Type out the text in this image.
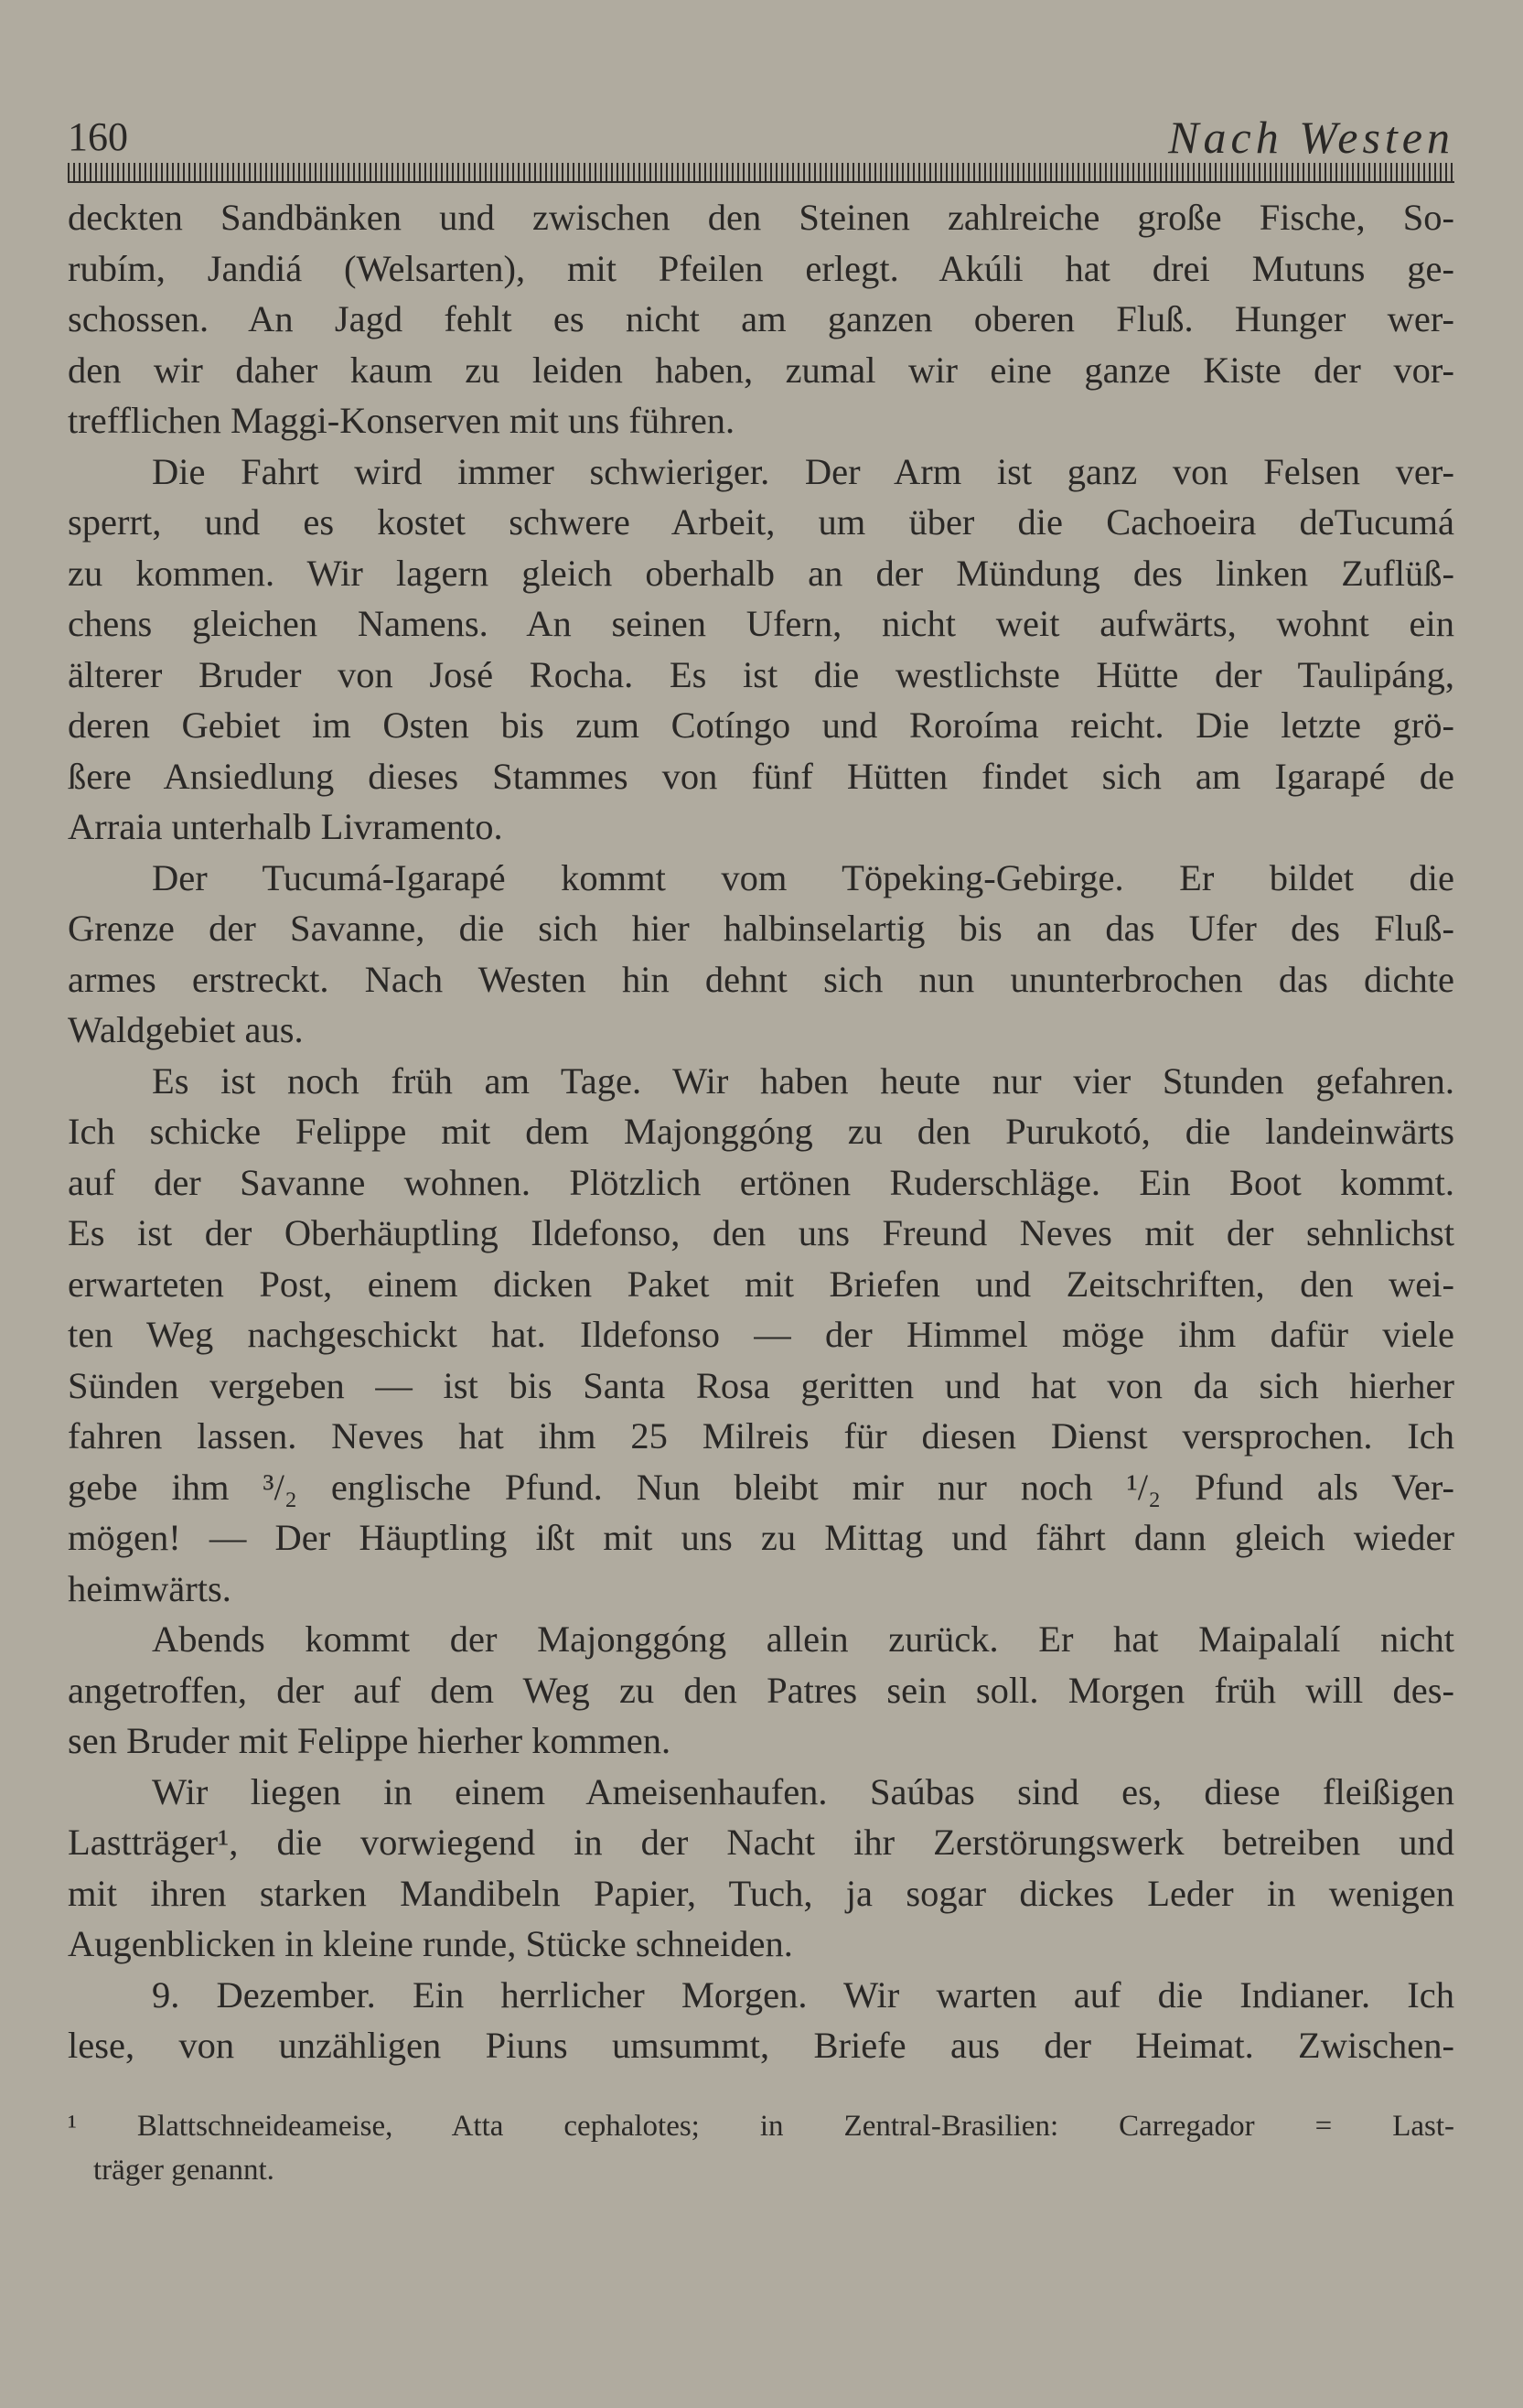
160	Nach Westen
deckten Sandbänken und zwischen den Steinen zahlreiche große Fische, So-
rubím, Jandiá (Welsarten), mit Pfeilen erlegt. Akúli hat drei Mutuns ge-
schossen. An Jagd fehlt es nicht am ganzen oberen Fluß. Hunger wer-
den wir daher kaum zu leiden haben, zumal wir eine ganze Kiste der vor-
trefflichen Maggi-Konserven mit uns führen.
Die Fahrt wird immer schwieriger. Der Arm ist ganz von Felsen ver-
sperrt, und es kostet schwere Arbeit, um über die Cachoeira deTucumá
zu kommen. Wir lagern gleich oberhalb an der Mündung des linken Zuflüß-
chens gleichen Namens. An seinen Ufern, nicht weit aufwärts, wohnt ein
älterer Bruder von José Rocha. Es ist die westlichste Hütte der Taulipáng,
deren Gebiet im Osten bis zum Cotíngo und Roroíma reicht. Die letzte grö-
ßere Ansiedlung dieses Stammes von fünf Hütten findet sich am Igarapé de
Arraia unterhalb Livramento.
Der Tucumá-Igarapé kommt vom Töpeking-Gebirge. Er bildet die
Grenze der Savanne, die sich hier halbinselartig bis an das Ufer des Fluß-
armes erstreckt. Nach Westen hin dehnt sich nun ununterbrochen das dichte
Waldgebiet aus.
Es ist noch früh am Tage. Wir haben heute nur vier Stunden gefahren.
Ich schicke Felippe mit dem Majonggóng zu den Purukotó, die landeinwärts
auf der Savanne wohnen. Plötzlich ertönen Ruderschläge. Ein Boot kommt.
Es ist der Oberhäuptling Ildefonso, den uns Freund Neves mit der sehnlichst
erwarteten Post, einem dicken Paket mit Briefen und Zeitschriften, den wei-
ten Weg nachgeschickt hat. Ildefonso — der Himmel möge ihm dafür viele
Sünden vergeben — ist bis Santa Rosa geritten und hat von da sich hierher
fahren lassen. Neves hat ihm 25 Milreis für diesen Dienst versprochen. Ich
gebe ihm ³/₂ englische Pfund. Nun bleibt mir nur noch ¹/₂ Pfund als Ver-
mögen! — Der Häuptling ißt mit uns zu Mittag und fährt dann gleich wieder
heimwärts.
Abends kommt der Majonggóng allein zurück. Er hat Maipalalí nicht
angetroffen, der auf dem Weg zu den Patres sein soll. Morgen früh will des-
sen Bruder mit Felippe hierher kommen.
Wir liegen in einem Ameisenhaufen. Saúbas sind es, diese fleißigen
Lastträger¹, die vorwiegend in der Nacht ihr Zerstörungswerk betreiben und
mit ihren starken Mandibeln Papier, Tuch, ja sogar dickes Leder in wenigen
Augenblicken in kleine runde, Stücke schneiden.
9. Dezember. Ein herrlicher Morgen. Wir warten auf die Indianer. Ich
lese, von unzähligen Piuns umsummt, Briefe aus der Heimat. Zwischen-
¹ Blattschneideameise, Atta cephalotes; in Zentral-Brasilien: Carregador = Last-
träger genannt.
